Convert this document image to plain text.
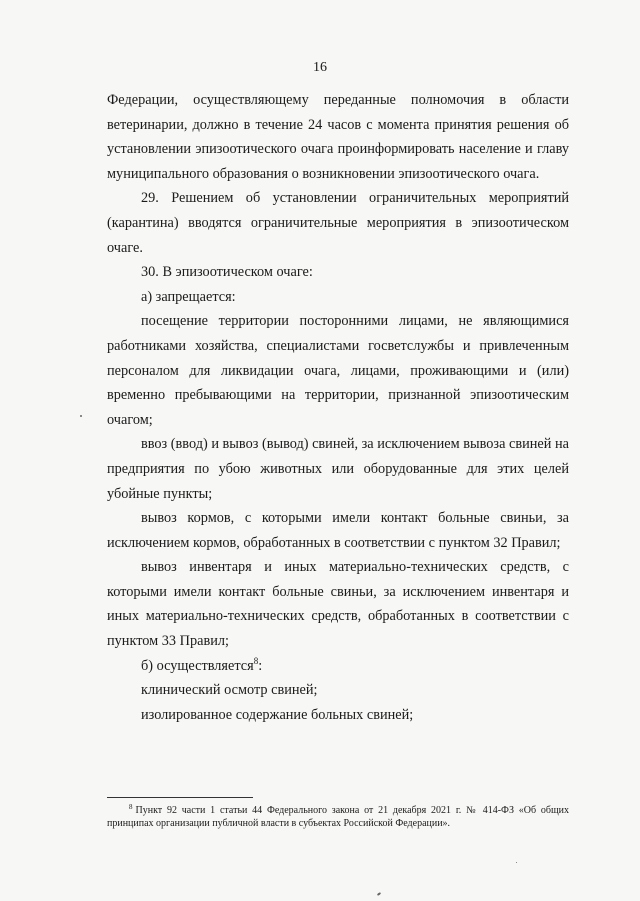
16

Федерации, осуществляющему переданные полномочия в области ветеринарии, должно в течение 24 часов с момента принятия решения об установлении эпизоотического очага проинформировать население и главу муниципального образования о возникновении эпизоотического очага.

29. Решением об установлении ограничительных мероприятий (карантина) вводятся ограничительные мероприятия в эпизоотическом очаге.

30. В эпизоотическом очаге:

а) запрещается:

посещение территории посторонними лицами, не являющимися работниками хозяйства, специалистами госветслужбы и привлеченным персоналом для ликвидации очага, лицами, проживающими и (или) временно пребывающими на территории, признанной эпизоотическим очагом;

ввоз (ввод) и вывоз (вывод) свиней, за исключением вывоза свиней на предприятия по убою животных или оборудованные для этих целей убойные пункты;

вывоз кормов, с которыми имели контакт больные свиньи, за исключением кормов, обработанных в соответствии с пунктом 32 Правил;

вывоз инвентаря и иных материально-технических средств, с которыми имели контакт больные свиньи, за исключением инвентаря и иных материально-технических средств, обработанных в соответствии с пунктом 33 Правил;

б) осуществляется$^8$:

клинический осмотр свиней;

изолированное содержание больных свиней;

$^8$ Пункт 92 части 1 статьи 44 Федерального закона от 21 декабря 2021 г. № 414-ФЗ «Об общих принципах организации публичной власти в субъектах Российской Федерации».
